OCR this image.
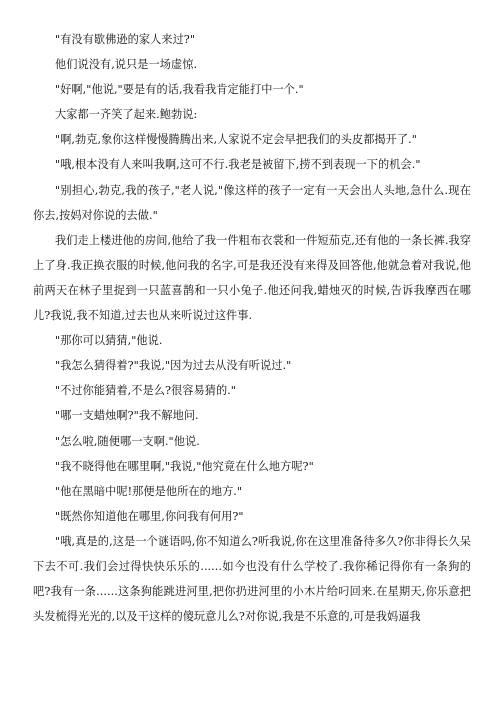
"有没有歇佛逊的家人来过?"

他们说没有,说只是一场虚惊.

"好啊,"他说,"要是有的话,我看我肯定能打中一个."

大家都一齐笑了起来.鲍勃说:

"啊,勃克,象你这样慢慢腾腾出来,人家说不定会早把我们的头皮都揭开了."

"哦,根本没有人来叫我啊,这可不行.我老是被留下,捞不到表现一下的机会."

"别担心,勃克,我的孩子,"老人说,"像这样的孩子一定有一天会出人头地,急什么.现在你去,按妈对你说的去做."

我们走上楼进他的房间,他给了我一件粗布衣裳和一件短茄克,还有他的一条长裤.我穿上了身.我正换衣服的时候,他问我的名字,可是我还没有来得及回答他,他就急着对我说,他前两天在林子里捉到一只蓝喜鹊和一只小兔子.他还问我,蜡烛灭的时候,告诉我摩西在哪儿?我说,我不知道,过去也从来听说过这件事.

"那你可以猜猜,"他说.

"我怎么猜得着?"我说,"因为过去从没有听说过."

"不过你能猜着,不是么?很容易猜的."

"哪一支蜡烛啊?"我不解地问.

"怎么啦,随便哪一支啊."他说.

"我不晓得他在哪里啊,"我说,"他究竟在什么地方呢?"

"他在黑暗中呢!那便是他所在的地方."

"既然你知道他在哪里,你问我有何用?"

"哦,真是的,这是一个谜语吗,你不知道么?听我说,你在这里准备待多久?你非得长久呆下去不可.我们会过得快快乐乐的......如今也没有什么学校了.我你稀记得你有一条狗的吧?我有一条......这条狗能跳进河里,把你扔进河里的小木片给叼回来.在星期天,你乐意把头发梳得光光的,以及干这样的傻玩意儿么?对你说,我是不乐意的,可是我妈逼我
